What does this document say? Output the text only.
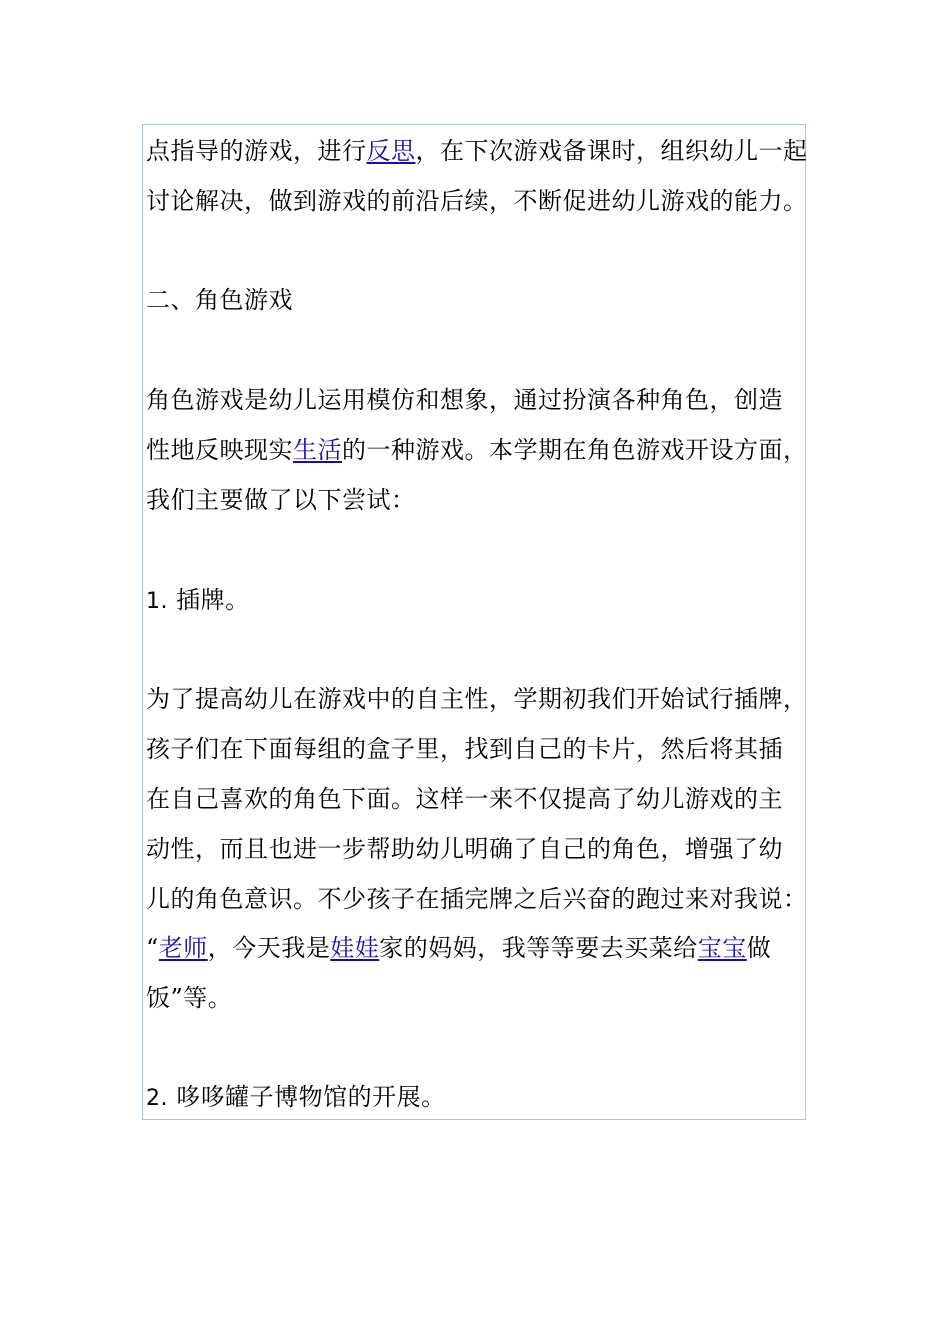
点指导的游戏，进行反思，在下次游戏备课时，组织幼儿一起
讨论解决，做到游戏的前沿后续，不断促进幼儿游戏的能力。
二、角色游戏
角色游戏是幼儿运用模仿和想象，通过扮演各种角色，创造
性地反映现实生活的一种游戏。本学期在角色游戏开设方面，
我们主要做了以下尝试：
1. 插牌。
为了提高幼儿在游戏中的自主性，学期初我们开始试行插牌，
孩子们在下面每组的盒子里，找到自己的卡片，然后将其插
在自己喜欢的角色下面。这样一来不仅提高了幼儿游戏的主
动性，而且也进一步帮助幼儿明确了自己的角色，增强了幼
儿的角色意识。不少孩子在插完牌之后兴奋的跑过来对我说：
“老师，今天我是娃娃家的妈妈，我等等要去买菜给宝宝做
饭”等。
2. 哆哆罐子博物馆的开展。
